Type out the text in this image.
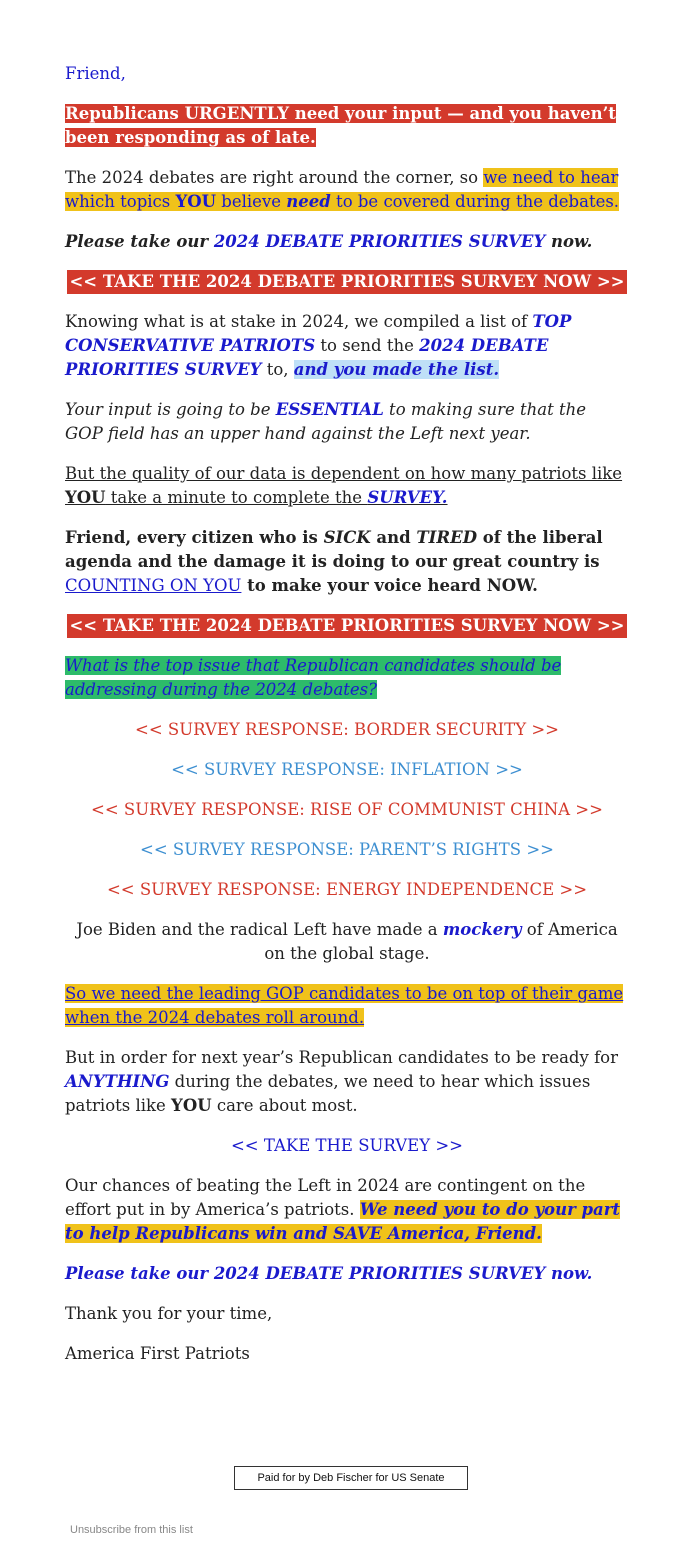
Friend,

Republicans URGENTLY need your input — and you haven’t been responding as of late.

The 2024 debates are right around the corner, so we need to hear which topics YOU believe need to be covered during the debates.

Please take our 2024 DEBATE PRIORITIES SURVEY now.

<< TAKE THE 2024 DEBATE PRIORITIES SURVEY NOW >>

Knowing what is at stake in 2024, we compiled a list of TOP CONSERVATIVE PATRIOTS to send the 2024 DEBATE PRIORITIES SURVEY to, and you made the list.

Your input is going to be ESSENTIAL to making sure that the GOP field has an upper hand against the Left next year.

But the quality of our data is dependent on how many patriots like YOU take a minute to complete the SURVEY.

Friend, every citizen who is SICK and TIRED of the liberal agenda and the damage it is doing to our great country is COUNTING ON YOU to make your voice heard NOW.

<< TAKE THE 2024 DEBATE PRIORITIES SURVEY NOW >>

What is the top issue that Republican candidates should be addressing during the 2024 debates?

<< SURVEY RESPONSE: BORDER SECURITY >>

<< SURVEY RESPONSE: INFLATION >>

<< SURVEY RESPONSE: RISE OF COMMUNIST CHINA >>

<< SURVEY RESPONSE: PARENT’S RIGHTS >>

<< SURVEY RESPONSE: ENERGY INDEPENDENCE >>

Joe Biden and the radical Left have made a mockery of America on the global stage.

So we need the leading GOP candidates to be on top of their game when the 2024 debates roll around.

But in order for next year’s Republican candidates to be ready for ANYTHING during the debates, we need to hear which issues patriots like YOU care about most.

<< TAKE THE SURVEY >>

Our chances of beating the Left in 2024 are contingent on the effort put in by America’s patriots. We need you to do your part to help Republicans win and SAVE America, Friend.

Please take our 2024 DEBATE PRIORITIES SURVEY now.

Thank you for your time,

America First Patriots

Paid for by Deb Fischer for US Senate
Unsubscribe from this list
